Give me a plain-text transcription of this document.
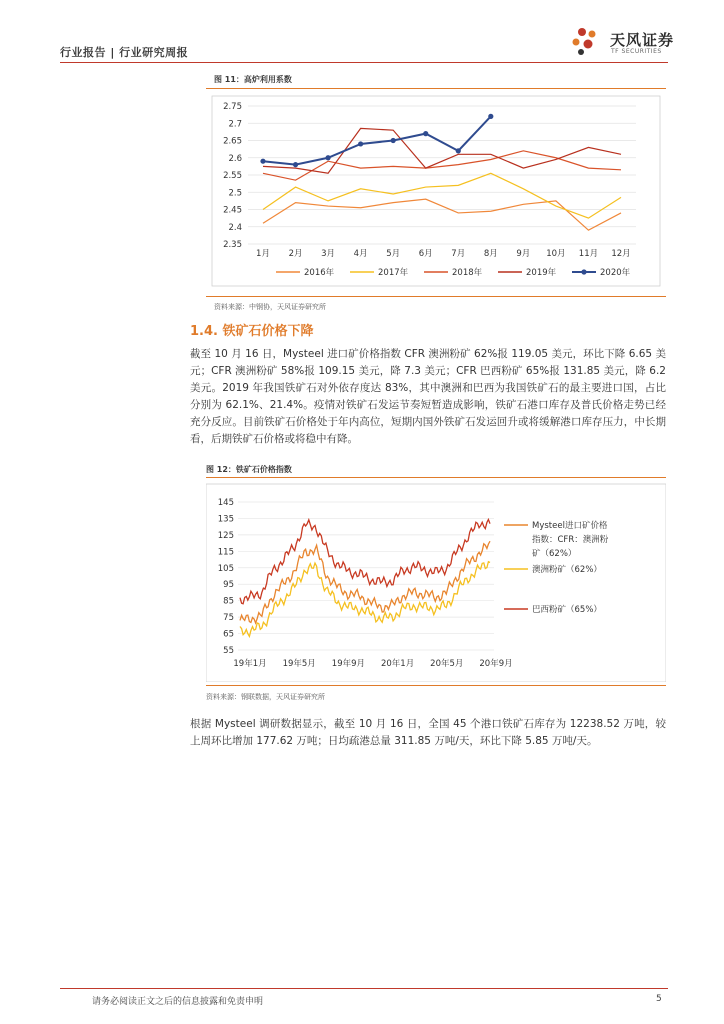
行业报告 | 行业研究周报
天风证券
TF SECURITIES
图 11：高炉利用系数
2.35
2.4
2.45
2.5
2.55
2.6
2.65
2.7
2.75
1月 2月 3月 4月 5月 6月 7月 8月 9月 10月 11月 12月
2016年	2017年	2018年	2019年	2020年
资料来源：中钢协，天风证券研究所
1.4. 铁矿石价格下降

截至 10 月 16 日，Mysteel 进口矿价格指数 CFR 澳洲粉矿 62%报 119.05 美元，环比下降 6.65 美元；CFR 澳洲粉矿 58%报 109.15 美元，降 7.3 美元；CFR 巴西粉矿 65%报 131.85 美元，降 6.2 美元。2019 年我国铁矿石对外依存度达 83%，其中澳洲和巴西为我国铁矿石的最主要进口国，占比分别为 62.1%、21.4%。疫情对铁矿石发运节奏短暂造成影响，铁矿石港口库存及普氏价格走势已经充分反应。目前铁矿石价格处于年内高位，短期内国外铁矿石发运回升或将缓解港口库存压力，中长期看，后期铁矿石价格或将稳中有降。

图 12：铁矿石价格指数
55
65
75
85
95
105
115
125
135
145
19年1月 19年5月 19年9月 20年1月 20年5月 20年9月
Mysteel进口矿价格
指数：CFR：澳洲粉
矿（62%）
澳洲粉矿（62%）
巴西粉矿（65%）
资料来源：钢联数据，天风证券研究所

根据 Mysteel 调研数据显示，截至 10 月 16 日，全国 45 个港口铁矿石库存为 12238.52 万吨，较上周环比增加 177.62 万吨；日均疏港总量 311.85 万吨/天，环比下降 5.85 万吨/天。

请务必阅读正文之后的信息披露和免责申明	5
